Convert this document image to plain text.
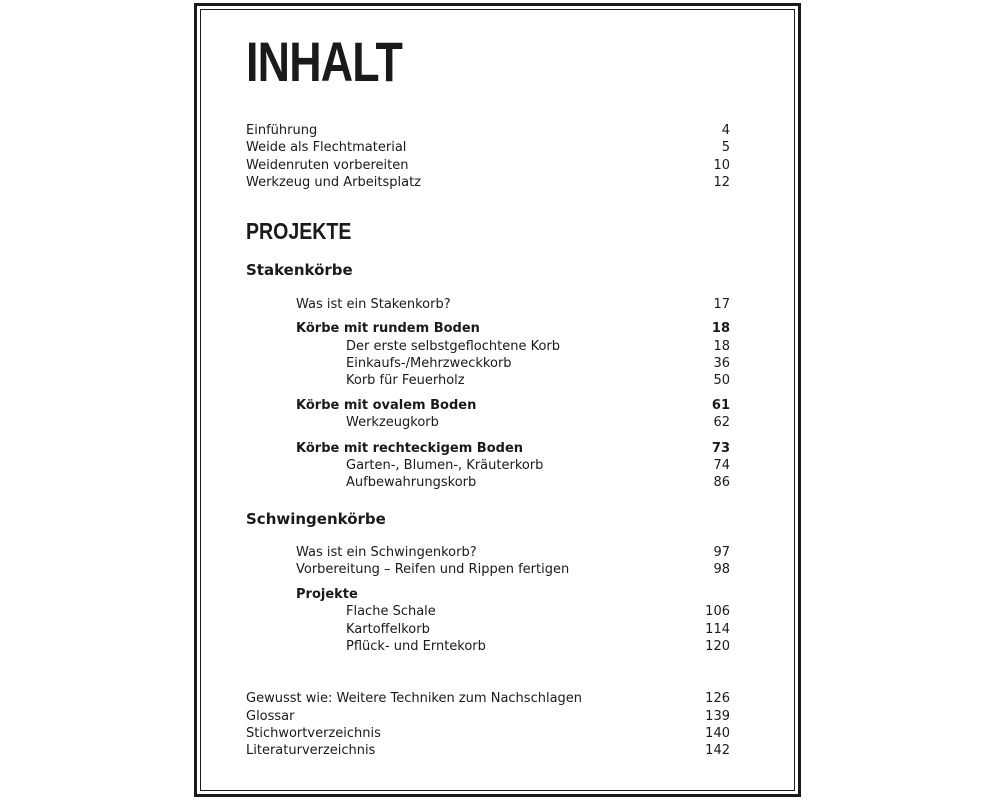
INHALT
Einführung	4
Weide als Flechtmaterial	5
Weidenruten vorbereiten	10
Werkzeug und Arbeitsplatz	12
PROJEKTE
Stakenkörbe
Was ist ein Stakenkorb?	17
Körbe mit rundem Boden	18
Der erste selbstgeflochtene Korb	18
Einkaufs-/Mehrzweckkorb	36
Korb für Feuerholz	50
Körbe mit ovalem Boden	61
Werkzeugkorb	62
Körbe mit rechteckigem Boden	73
Garten-, Blumen-, Kräuterkorb	74
Aufbewahrungskorb	86
Schwingenkörbe
Was ist ein Schwingenkorb?	97
Vorbereitung – Reifen und Rippen fertigen	98
Projekte
Flache Schale	106
Kartoffelkorb	114
Pflück- und Erntekorb	120
Gewusst wie: Weitere Techniken zum Nachschlagen	126
Glossar	139
Stichwortverzeichnis	140
Literaturverzeichnis	142
